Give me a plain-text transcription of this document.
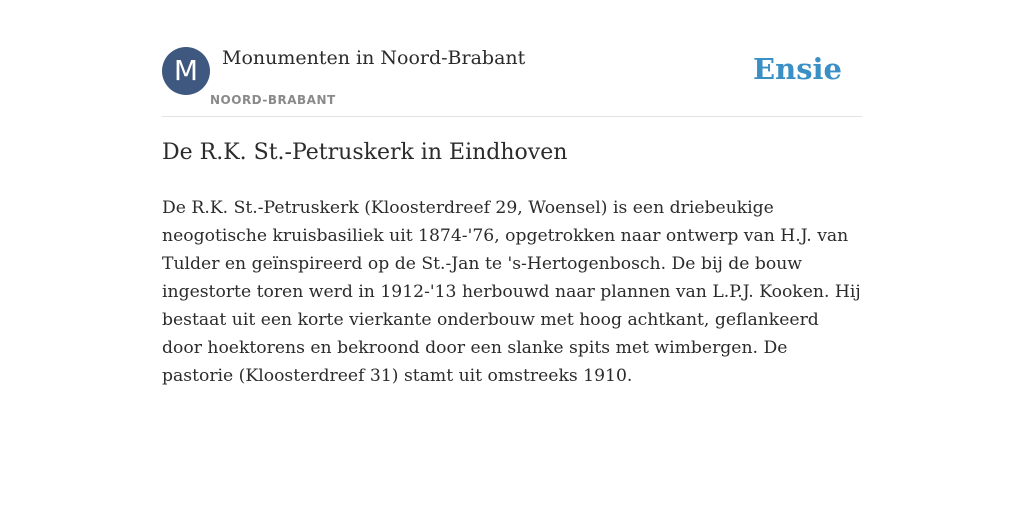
M	Monumenten in Noord-Brabant
NOORD-BRABANT
Ensie
De R.K. St.-Petruskerk in Eindhoven

De R.K. St.-Petruskerk (Kloosterdreef 29, Woensel) is een driebeukige neogotische kruisbasiliek uit 1874-'76, opgetrokken naar ontwerp van H.J. van Tulder en geïnspireerd op de St.-Jan te 's-Hertogenbosch. De bij de bouw ingestorte toren werd in 1912-'13 herbouwd naar plannen van L.P.J. Kooken. Hij bestaat uit een korte vierkante onderbouw met hoog achtkant, geflankeerd door hoektorens en bekroond door een slanke spits met wimbergen. De pastorie (Kloosterdreef 31) stamt uit omstreeks 1910.
